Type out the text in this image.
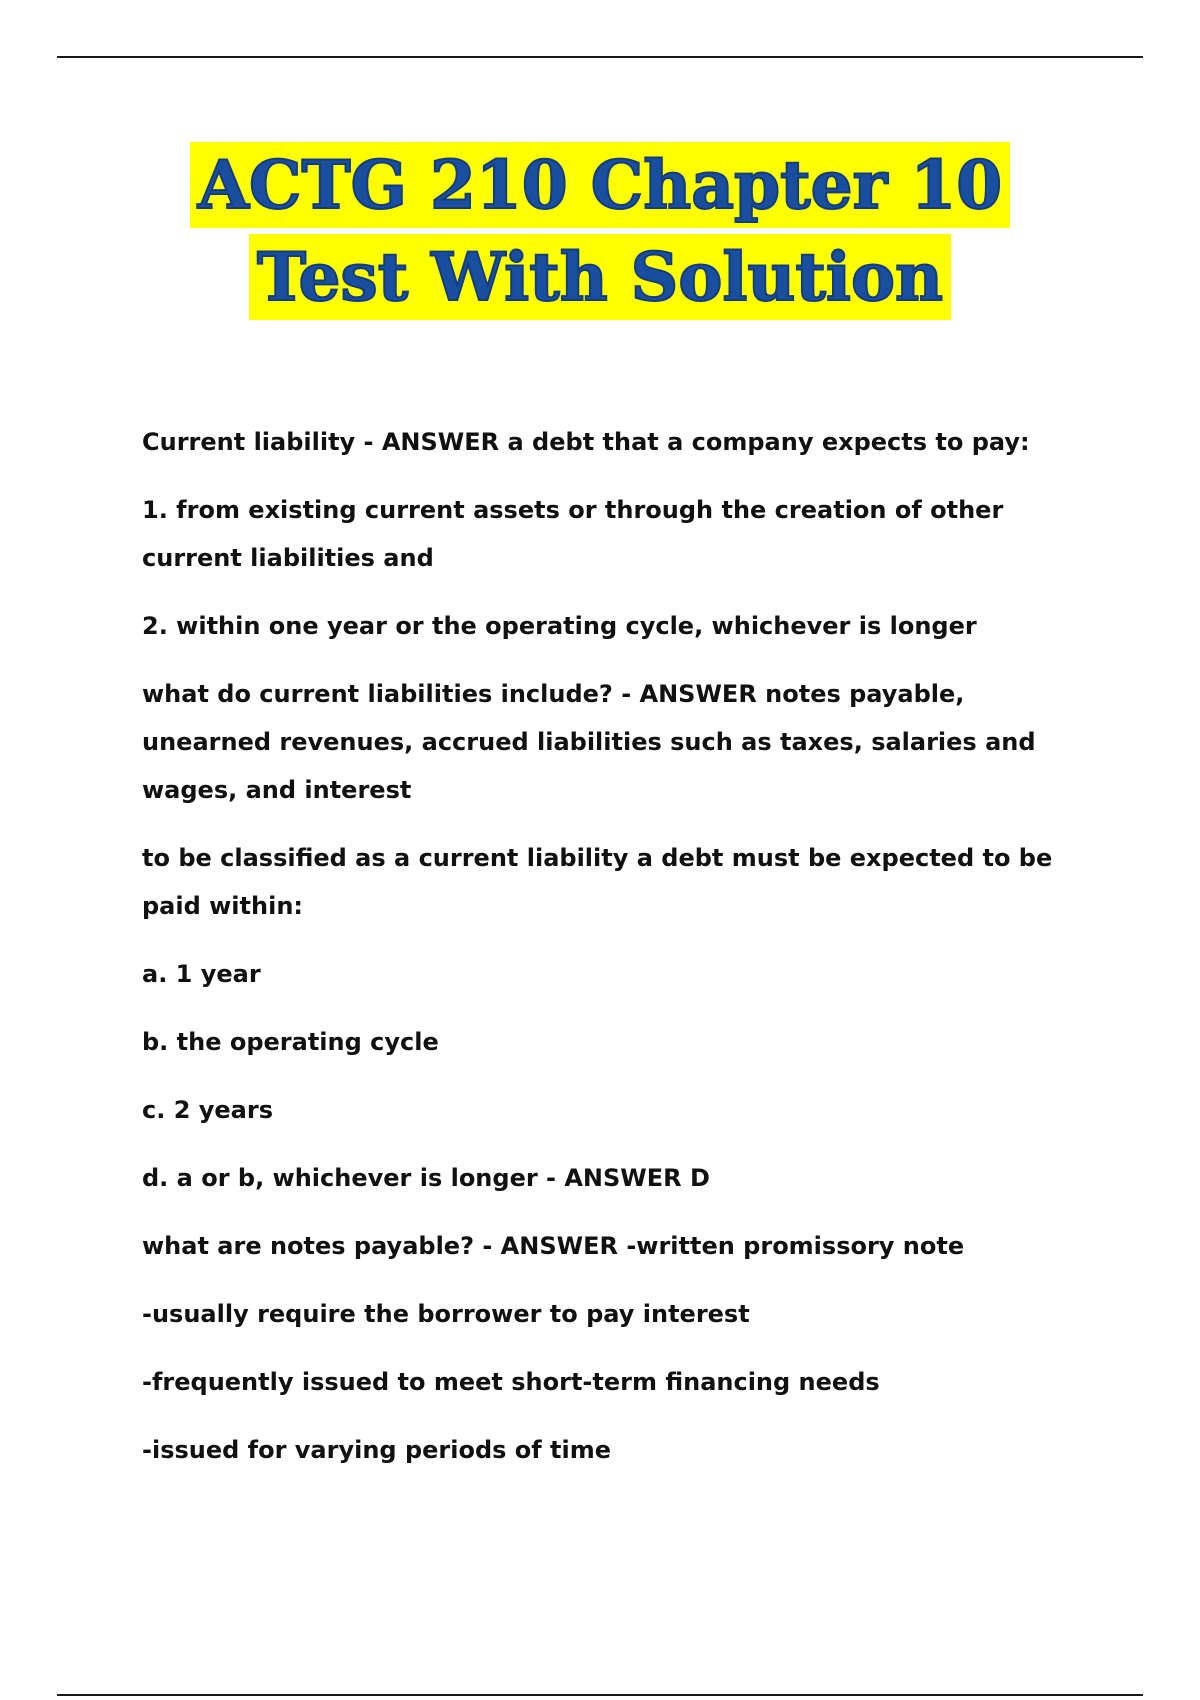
ACTG 210 Chapter 10
Test With Solution

Current liability - ANSWER a debt that a company expects to pay:

1. from existing current assets or through the creation of other current liabilities and

2. within one year or the operating cycle, whichever is longer

what do current liabilities include? - ANSWER notes payable, unearned revenues, accrued liabilities such as taxes, salaries and wages, and interest

to be classified as a current liability a debt must be expected to be paid within:

a. 1 year

b. the operating cycle

c. 2 years

d. a or b, whichever is longer - ANSWER D

what are notes payable? - ANSWER -written promissory note

-usually require the borrower to pay interest

-frequently issued to meet short-term financing needs

-issued for varying periods of time
